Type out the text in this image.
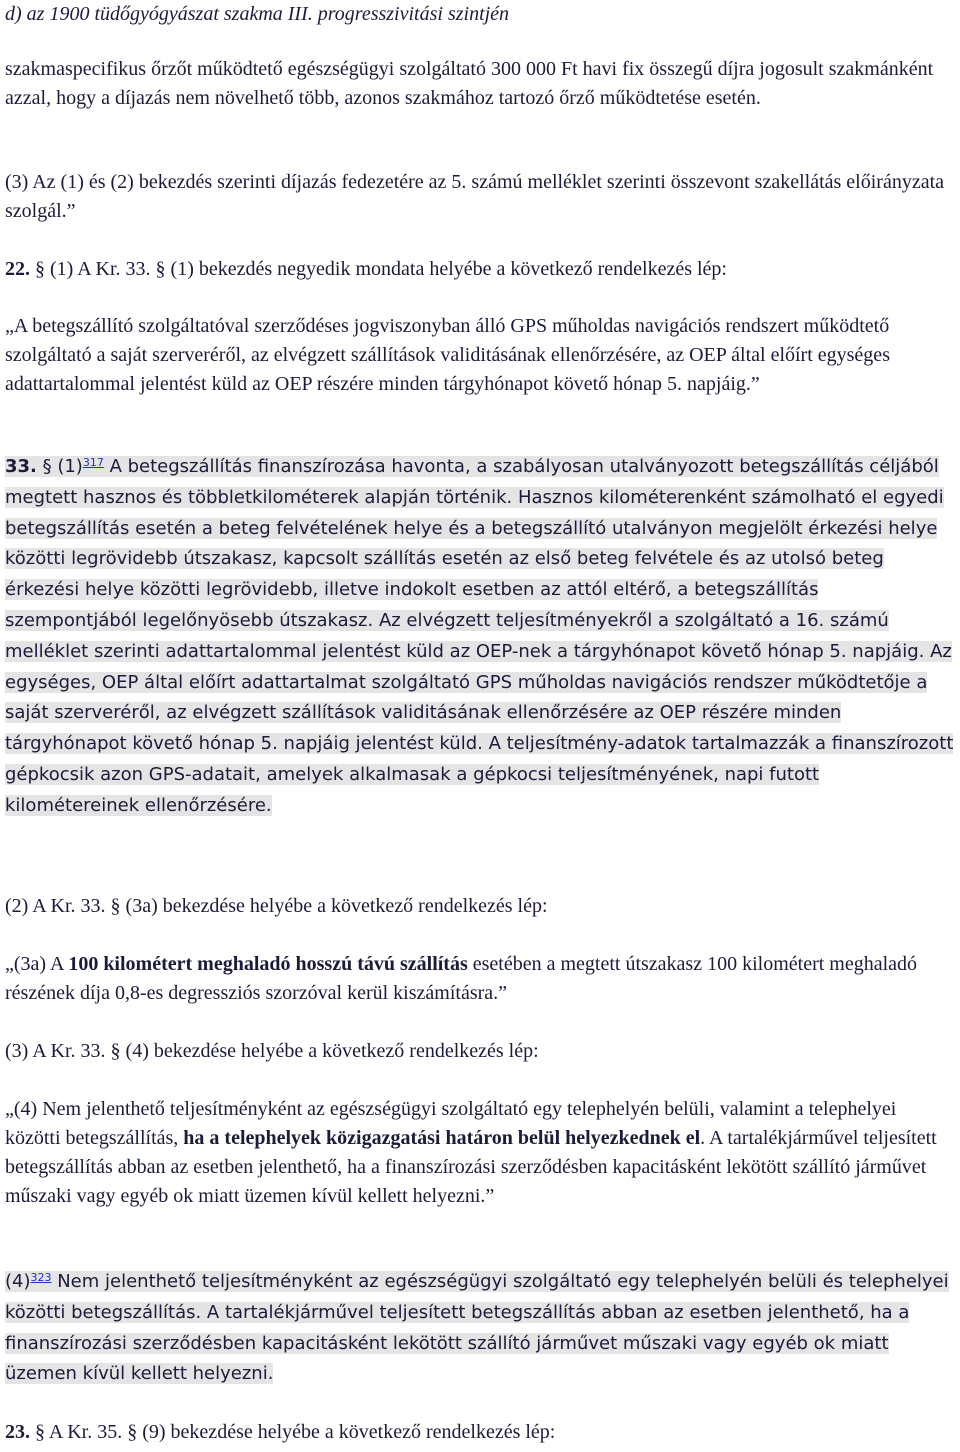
d) az 1900 tüdőgyógyászat szakma III. progresszivitási szintjén

szakmaspecifikus őrzőt működtető egészségügyi szolgáltató 300 000 Ft havi fix összegű díjra jogosult szakmánként azzal, hogy a díjazás nem növelhető több, azonos szakmához tartozó őrző működtetése esetén.

(3) Az (1) és (2) bekezdés szerinti díjazás fedezetére az 5. számú melléklet szerinti összevont szakellátás előirányzata szolgál.”

22. § (1) A Kr. 33. § (1) bekezdés negyedik mondata helyébe a következő rendelkezés lép:

„A betegszállító szolgáltatóval szerződéses jogviszonyban álló GPS műholdas navigációs rendszert működtető szolgáltató a saját szerveréről, az elvégzett szállítások validitásának ellenőrzésére, az OEP által előírt egységes adattartalommal jelentést küld az OEP részére minden tárgyhónapot követő hónap 5. napjáig.”

33. § $(1)^{317}$ A betegszállítás finanszírozása havonta, a szabályosan utalványozott betegszállítás céljából megtett hasznos és többletkilométerek alapján történik. Hasznos kilométerenként számolható el egyedi betegszállítás esetén a beteg felvételének helye és a betegszállító utalványon megjelölt érkezési helye közötti legrövidebb útszakasz, kapcsolt szállítás esetén az első beteg felvétele és az utolsó beteg érkezési helye közötti legrövidebb, illetve indokolt esetben az attól eltérő, a betegszállítás szempontjából legelőnyösebb útszakasz. Az elvégzett teljesítményekről a szolgáltató a 16. számú melléklet szerinti adattartalommal jelentést küld az OEP-nek a tárgyhónapot követő hónap 5. napjáig. Az egységes, OEP által előírt adattartalmat szolgáltató GPS műholdas navigációs rendszer működtetője a saját szerveréről, az elvégzett szállítások validitásának ellenőrzésére az OEP részére minden tárgyhónapot követő hónap 5. napjáig jelentést küld. A teljesítmény-adatok tartalmazzák a finanszírozott gépkocsik azon GPS-adatait, amelyek alkalmasak a gépkocsi teljesítményének, napi futott kilométereinek ellenőrzésére.

(2) A Kr. 33. § (3a) bekezdése helyébe a következő rendelkezés lép:

„(3a) A 100 kilométert meghaladó hosszú távú szállítás esetében a megtett útszakasz 100 kilométert meghaladó részének díja 0,8-es degressziós szorzóval kerül kiszámításra.”

(3) A Kr. 33. § (4) bekezdése helyébe a következő rendelkezés lép:

„(4) Nem jelenthető teljesítményként az egészségügyi szolgáltató egy telephelyén belüli, valamint a telephelyei közötti betegszállítás, ha a telephelyek közigazgatási határon belül helyezkednek el. A tartalékjárművel teljesített betegszállítás abban az esetben jelenthető, ha a finanszírozási szerződésben kapacitásként lekötött szállító járművet műszaki vagy egyéb ok miatt üzemen kívül kellett helyezni.”

$(4)^{323}$ Nem jelenthető teljesítményként az egészségügyi szolgáltató egy telephelyén belüli és telephelyei közötti betegszállítás. A tartalékjárművel teljesített betegszállítás abban az esetben jelenthető, ha a finanszírozási szerződésben kapacitásként lekötött szállító járművet műszaki vagy egyéb ok miatt üzemen kívül kellett helyezni.

23. § A Kr. 35. § (9) bekezdése helyébe a következő rendelkezés lép:
